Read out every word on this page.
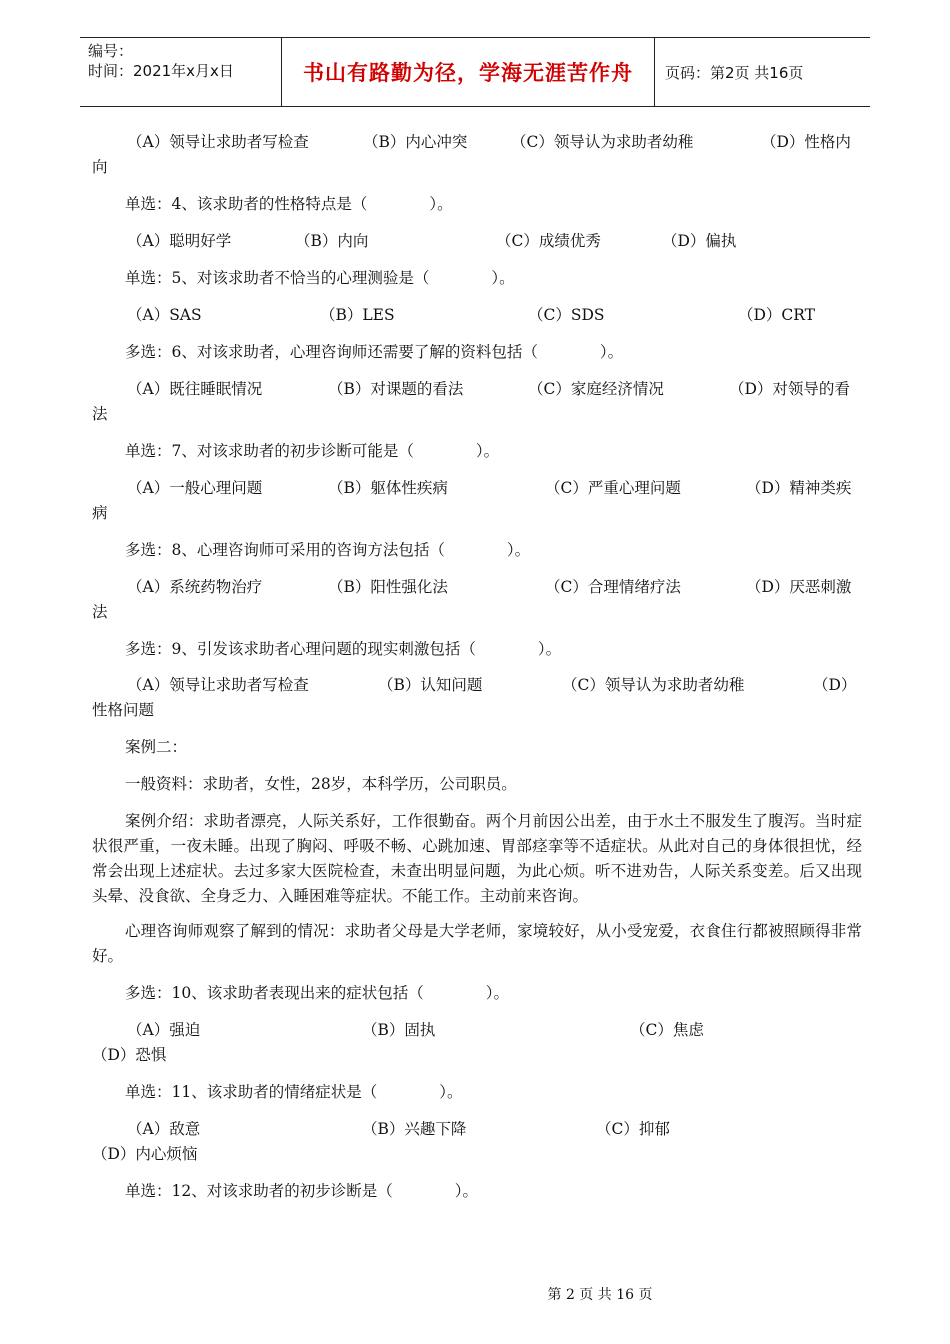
编号：
时间：2021年x月x日	书山有路勤为径，学海无涯苦作舟	页码：第2页 共16页
（A）领导让求助者写检查	（B）内心冲突	（C）领导认为求助者幼稚	（D）性格内
向

单选：4、该求助者的性格特点是（　　　　）。

（A）聪明好学	（B）内向	（C）成绩优秀	（D）偏执

单选：5、对该求助者不恰当的心理测验是（　　　　）。

（A）SAS	（B）LES	（C）SDS	（D）CRT

多选：6、对该求助者，心理咨询师还需要了解的资料包括（　　　　）。

（A）既往睡眠情况	（B）对课题的看法	（C）家庭经济情况	（D）对领导的看
法

单选：7、对该求助者的初步诊断可能是（　　　　）。

（A）一般心理问题	（B）躯体性疾病	（C）严重心理问题	（D）精神类疾
病

多选：8、心理咨询师可采用的咨询方法包括（　　　　）。

（A）系统药物治疗	（B）阳性强化法	（C）合理情绪疗法	（D）厌恶刺激
法

多选：9、引发该求助者心理问题的现实刺激包括（　　　　）。

（A）领导让求助者写检查	（B）认知问题	（C）领导认为求助者幼稚	（D）
性格问题

案例二：

一般资料：求助者，女性，28岁，本科学历，公司职员。

案例介绍：求助者漂亮，人际关系好，工作很勤奋。两个月前因公出差，由于水土不服发生了腹泻。当时症状很严重，一夜未睡。出现了胸闷、呼吸不畅、心跳加速、胃部痉挛等不适症状。从此对自己的身体很担忧，经常会出现上述症状。去过多家大医院检查，未查出明显问题，为此心烦。听不进劝告，人际关系变差。后又出现头晕、没食欲、全身乏力、入睡困难等症状。不能工作。主动前来咨询。

心理咨询师观察了解到的情况：求助者父母是大学老师，家境较好，从小受宠爱，衣食住行都被照顾得非常好。

多选：10、该求助者表现出来的症状包括（　　　　）。

（A）强迫	（B）固执	（C）焦虑
（D）恐惧

单选：11、该求助者的情绪症状是（　　　　）。

（A）敌意	（B）兴趣下降	（C）抑郁
（D）内心烦恼

单选：12、对该求助者的初步诊断是（　　　　）。

第 2 页 共 16 页
